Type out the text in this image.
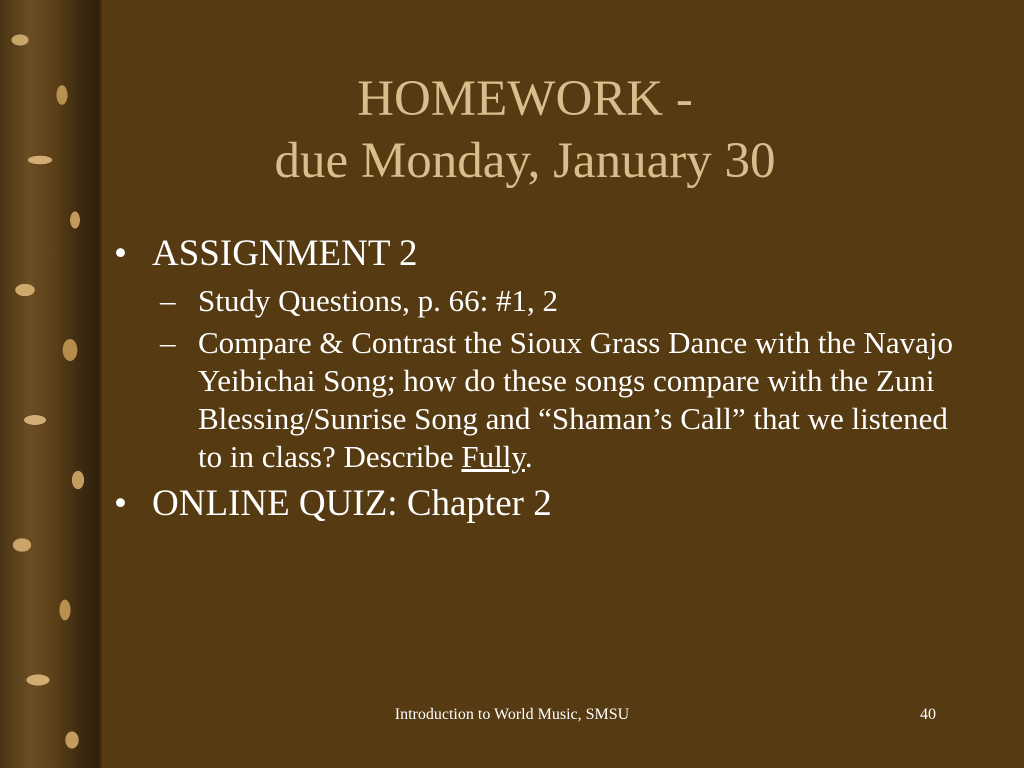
HOMEWORK -
due Monday, January 30
• ASSIGNMENT 2
– Study Questions, p. 66: #1, 2
– Compare & Contrast the Sioux Grass Dance with the Navajo Yeibichai Song; how do these songs compare with the Zuni Blessing/Sunrise Song and “Shaman’s Call” that we listened to in class? Describe Fully.
• ONLINE QUIZ: Chapter 2
Introduction to World Music, SMSU	40
